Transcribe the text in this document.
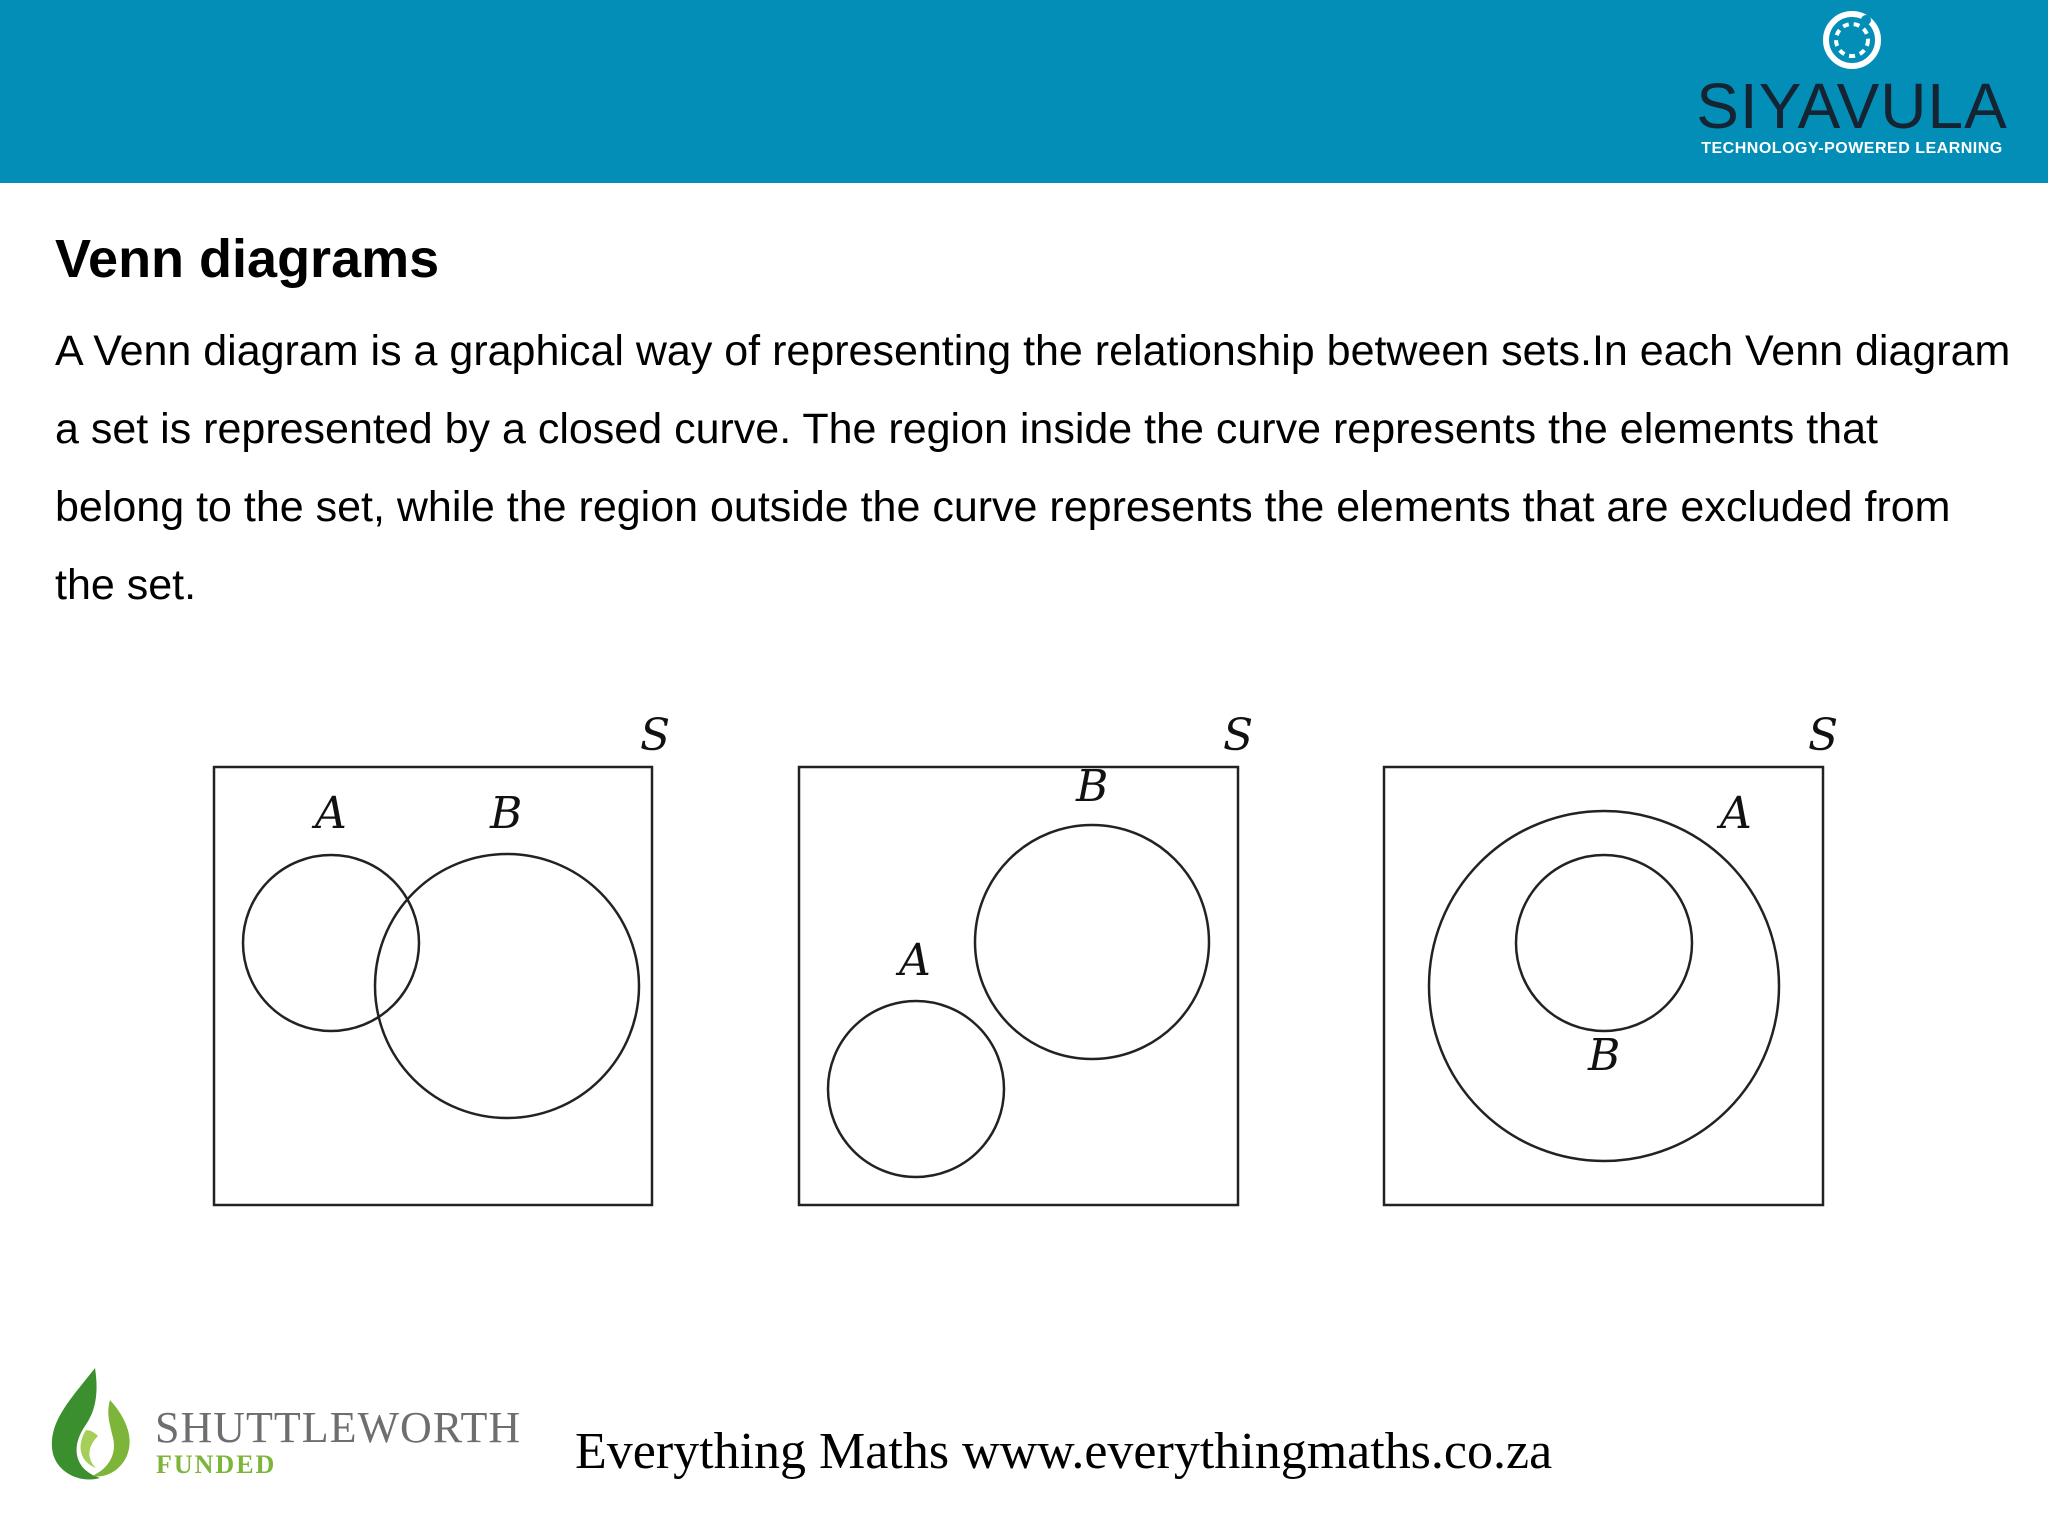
SIYAVULA
TECHNOLOGY-POWERED LEARNING
Venn diagrams
A Venn diagram is a graphical way of representing the relationship between sets.In each Venn diagram a set is represented by a closed curve. The region inside the curve represents the elements that belong to the set, while the region outside the curve represents the elements that are excluded from the set.
S
A	B
S
A
B
S
A
B
SHUTTLEWORTH
FUNDED	Everything Maths www.everythingmaths.co.za
